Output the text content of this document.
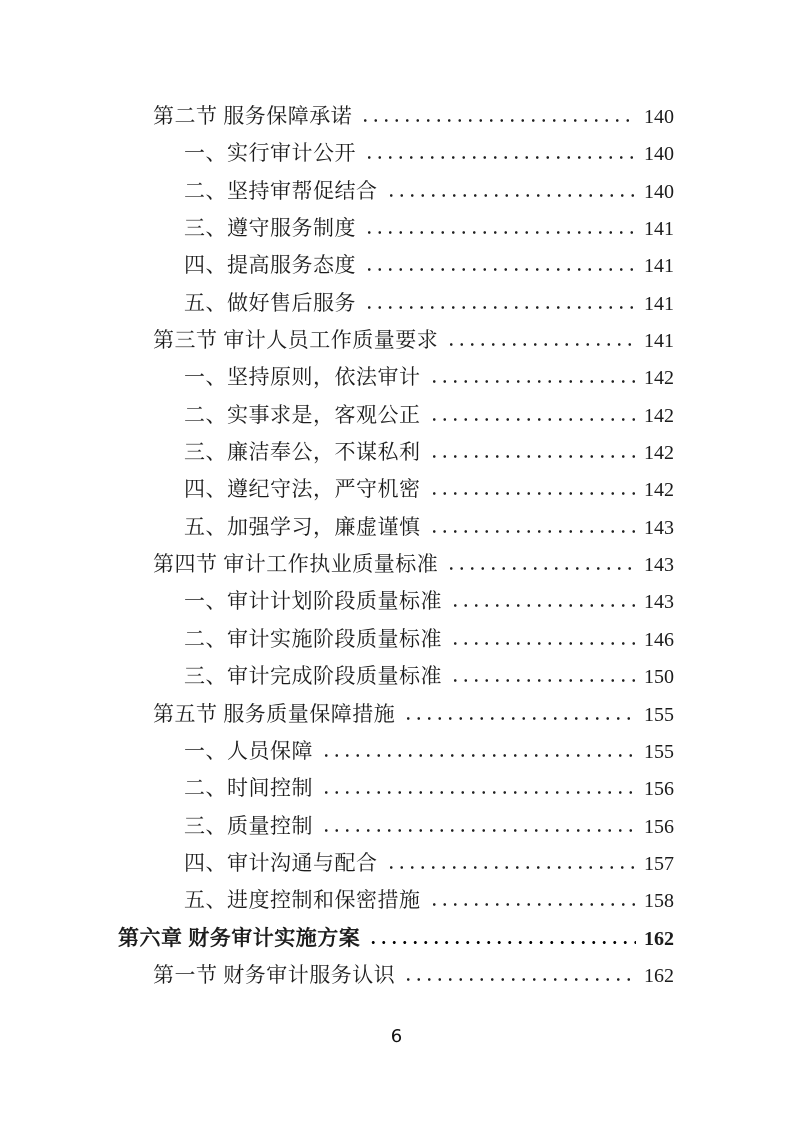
第二节 服务保障承诺	140
一、实行审计公开	140
二、坚持审帮促结合	140
三、遵守服务制度	141
四、提高服务态度	141
五、做好售后服务	141
第三节 审计人员工作质量要求	141
一、坚持原则，依法审计	142
二、实事求是，客观公正	142
三、廉洁奉公，不谋私利	142
四、遵纪守法，严守机密	142
五、加强学习，廉虚谨慎	143
第四节 审计工作执业质量标准	143
一、审计计划阶段质量标准	143
二、审计实施阶段质量标准	146
三、审计完成阶段质量标准	150
第五节 服务质量保障措施	155
一、人员保障	155
二、时间控制	156
三、质量控制	156
四、审计沟通与配合	157
五、进度控制和保密措施	158
第六章 财务审计实施方案	162
第一节 财务审计服务认识	162
6
